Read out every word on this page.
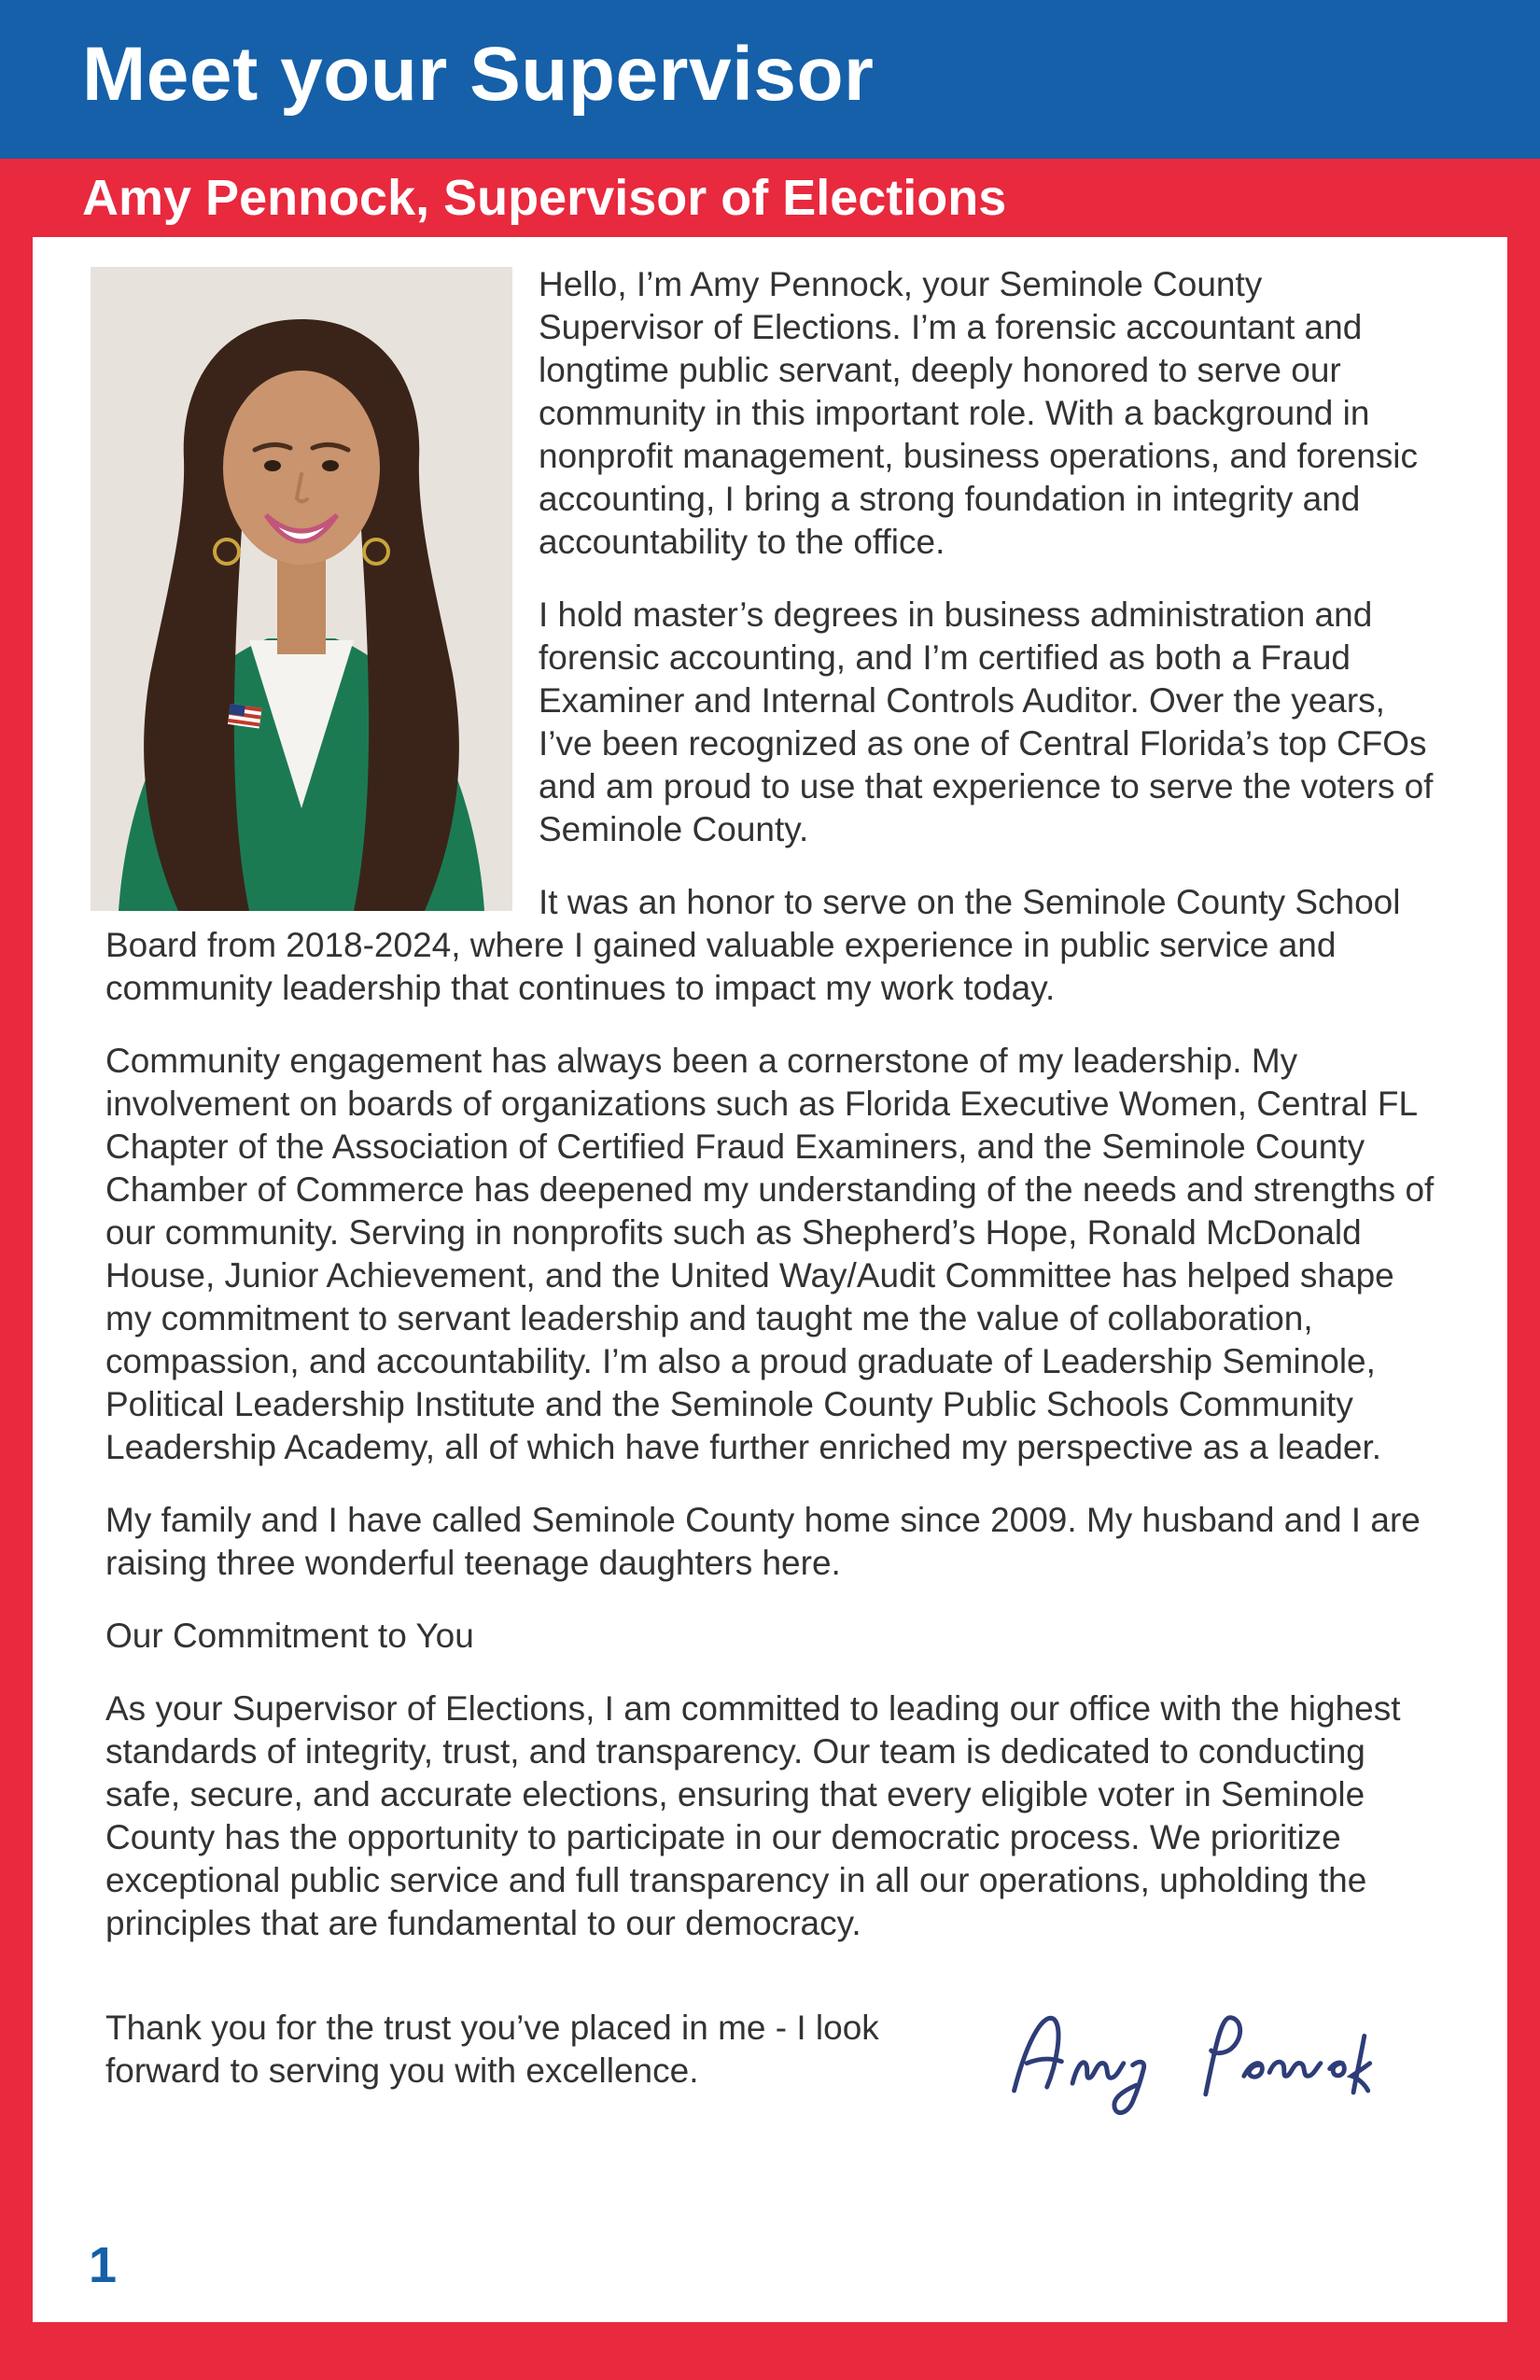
Meet your Supervisor
Amy Pennock, Supervisor of Elections

Hello, I’m Amy Pennock, your Seminole County Supervisor of Elections. I’m a forensic accountant and longtime public servant, deeply honored to serve our community in this important role. With a background in nonprofit management, business operations, and forensic accounting, I bring a strong foundation in integrity and accountability to the office.

I hold master’s degrees in business administration and forensic accounting, and I’m certified as both a Fraud Examiner and Internal Controls Auditor. Over the years, I’ve been recognized as one of Central Florida’s top CFOs and am proud to use that experience to serve the voters of Seminole County.

It was an honor to serve on the Seminole County School Board from 2018-2024, where I gained valuable experience in public service and community leadership that continues to impact my work today.

Community engagement has always been a cornerstone of my leadership. My involvement on boards of organizations such as Florida Executive Women, Central FL Chapter of the Association of Certified Fraud Examiners, and the Seminole County Chamber of Commerce has deepened my understanding of the needs and strengths of our community. Serving in nonprofits such as Shepherd’s Hope, Ronald McDonald House, Junior Achievement, and the United Way/Audit Committee has helped shape my commitment to servant leadership and taught me the value of collaboration, compassion, and accountability. I’m also a proud graduate of Leadership Seminole, Political Leadership Institute and the Seminole County Public Schools Community Leadership Academy, all of which have further enriched my perspective as a leader.

My family and I have called Seminole County home since 2009. My husband and I are raising three wonderful teenage daughters here.

Our Commitment to You

As your Supervisor of Elections, I am committed to leading our office with the highest standards of integrity, trust, and transparency. Our team is dedicated to conducting safe, secure, and accurate elections, ensuring that every eligible voter in Seminole County has the opportunity to participate in our democratic process. We prioritize exceptional public service and full transparency in all our operations, upholding the principles that are fundamental to our democracy.

Thank you for the trust you’ve placed in me - I look forward to serving you with excellence.

1
